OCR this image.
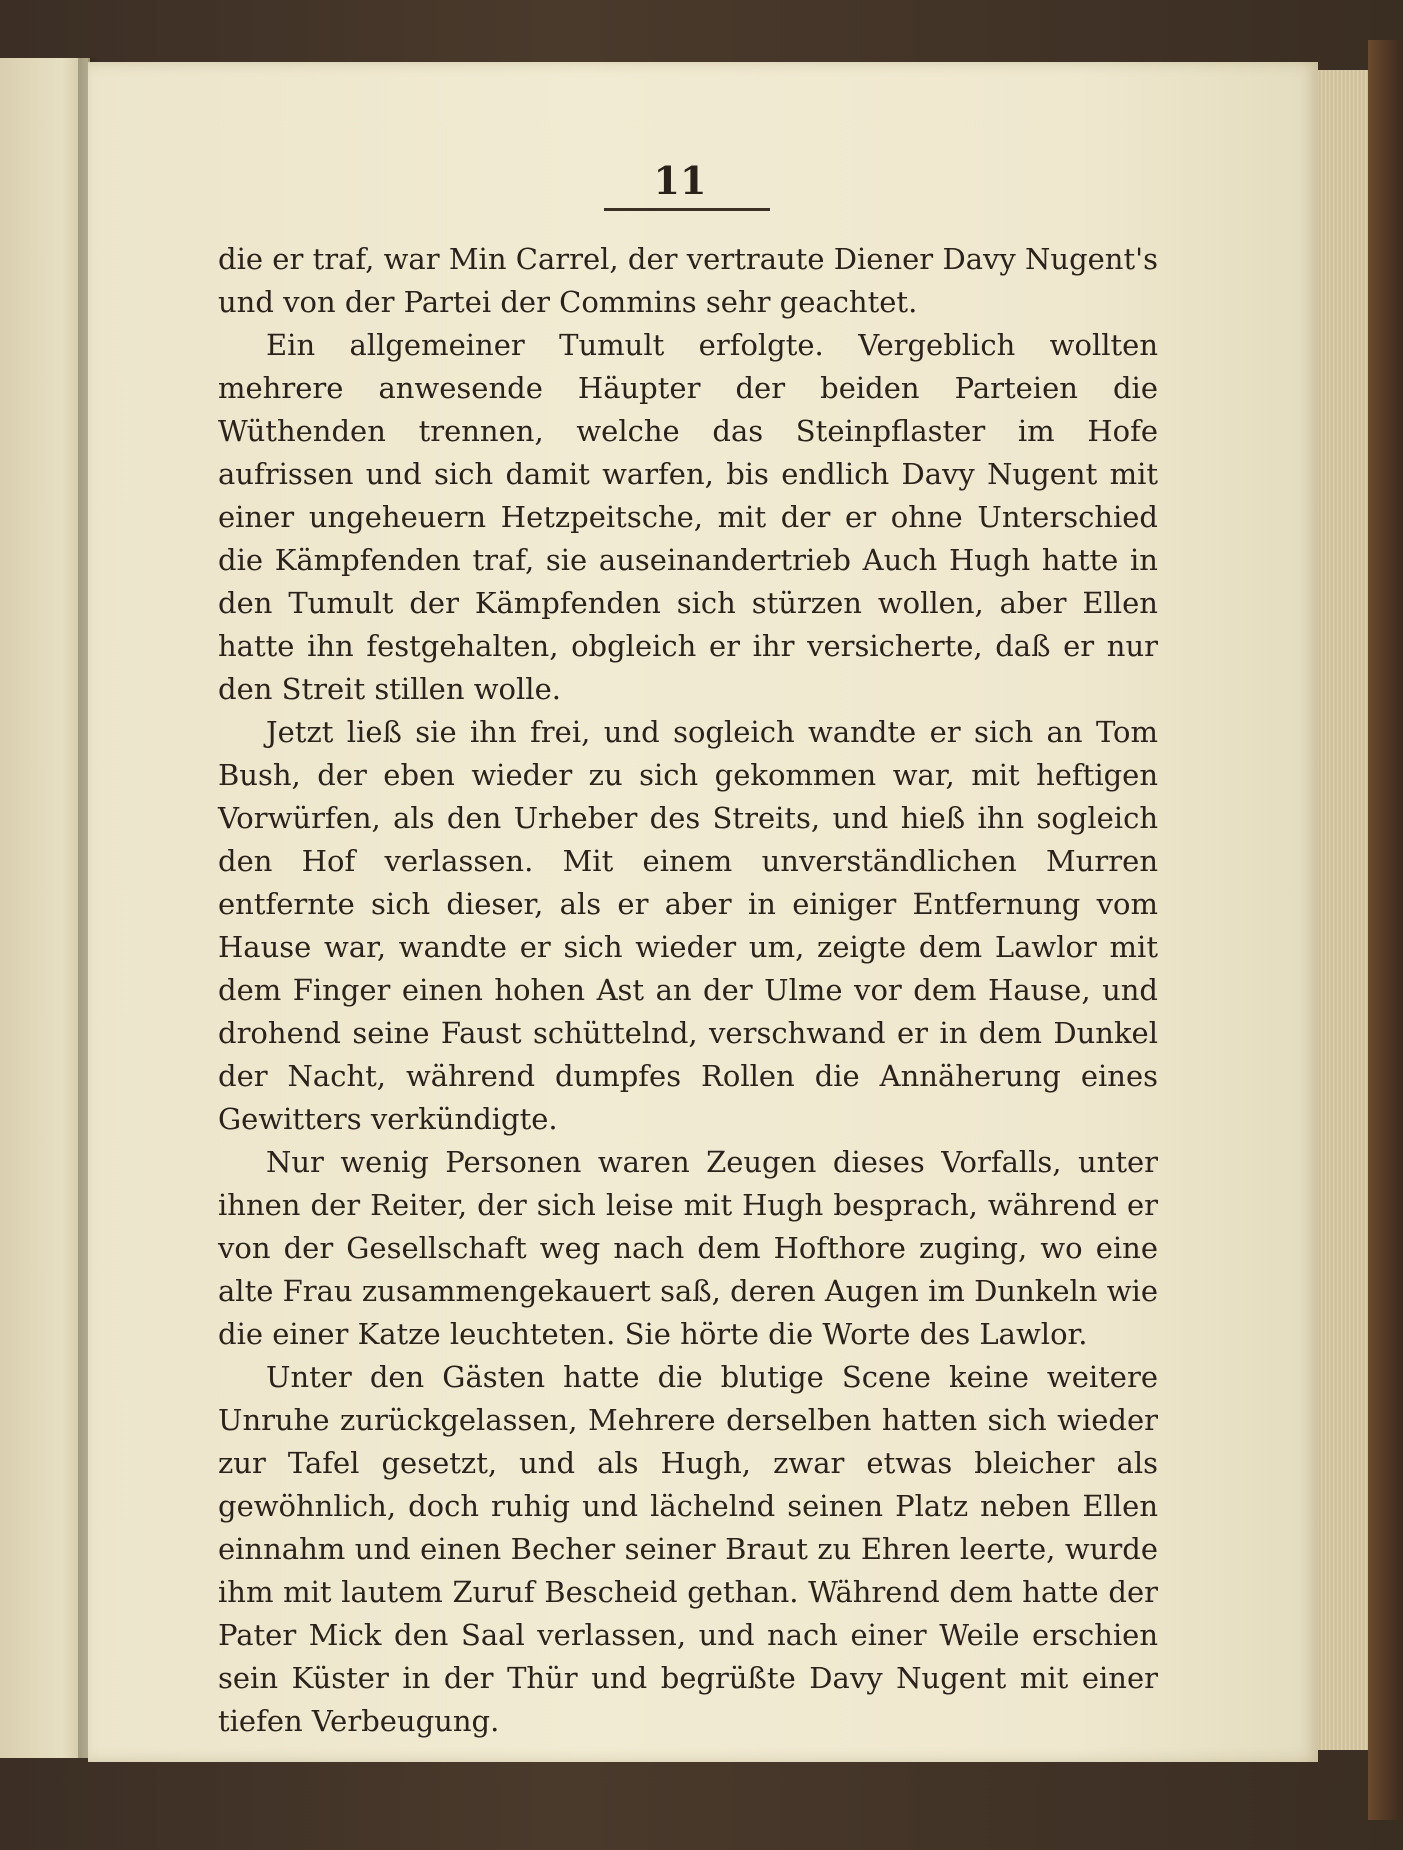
11

die er traf, war Min Carrel, der vertraute Diener Davy Nugent's und von der Partei der Commins sehr geachtet.

Ein allgemeiner Tumult erfolgte. Vergeblich wollten mehrere anwesende Häupter der beiden Parteien die Wüthenden trennen, welche das Steinpflaster im Hofe aufrissen und sich damit warfen, bis endlich Davy Nugent mit einer ungeheuern Hetzpeitsche, mit der er ohne Unterschied die Kämpfenden traf, sie auseinandertrieb Auch Hugh hatte in den Tumult der Kämpfenden sich stürzen wollen, aber Ellen hatte ihn festgehalten, obgleich er ihr versicherte, daß er nur den Streit stillen wolle.

Jetzt ließ sie ihn frei, und sogleich wandte er sich an Tom Bush, der eben wieder zu sich gekommen war, mit heftigen Vorwürfen, als den Urheber des Streits, und hieß ihn sogleich den Hof verlassen. Mit einem unverständlichen Murren entfernte sich dieser, als er aber in einiger Entfernung vom Hause war, wandte er sich wieder um, zeigte dem Lawlor mit dem Finger einen hohen Ast an der Ulme vor dem Hause, und drohend seine Faust schüttelnd, verschwand er in dem Dunkel der Nacht, während dumpfes Rollen die Annäherung eines Gewitters verkündigte.

Nur wenig Personen waren Zeugen dieses Vorfalls, unter ihnen der Reiter, der sich leise mit Hugh besprach, während er von der Gesellschaft weg nach dem Hofthore zuging, wo eine alte Frau zusammengekauert saß, deren Augen im Dunkeln wie die einer Katze leuchteten. Sie hörte die Worte des Lawlor.

Unter den Gästen hatte die blutige Scene keine weitere Unruhe zurückgelassen, Mehrere derselben hatten sich wieder zur Tafel gesetzt, und als Hugh, zwar etwas bleicher als gewöhnlich, doch ruhig und lächelnd seinen Platz neben Ellen einnahm und einen Becher seiner Braut zu Ehren leerte, wurde ihm mit lautem Zuruf Bescheid gethan. Während dem hatte der Pater Mick den Saal verlassen, und nach einer Weile erschien sein Küster in der Thür und begrüßte Davy Nugent mit einer tiefen Verbeugung.
